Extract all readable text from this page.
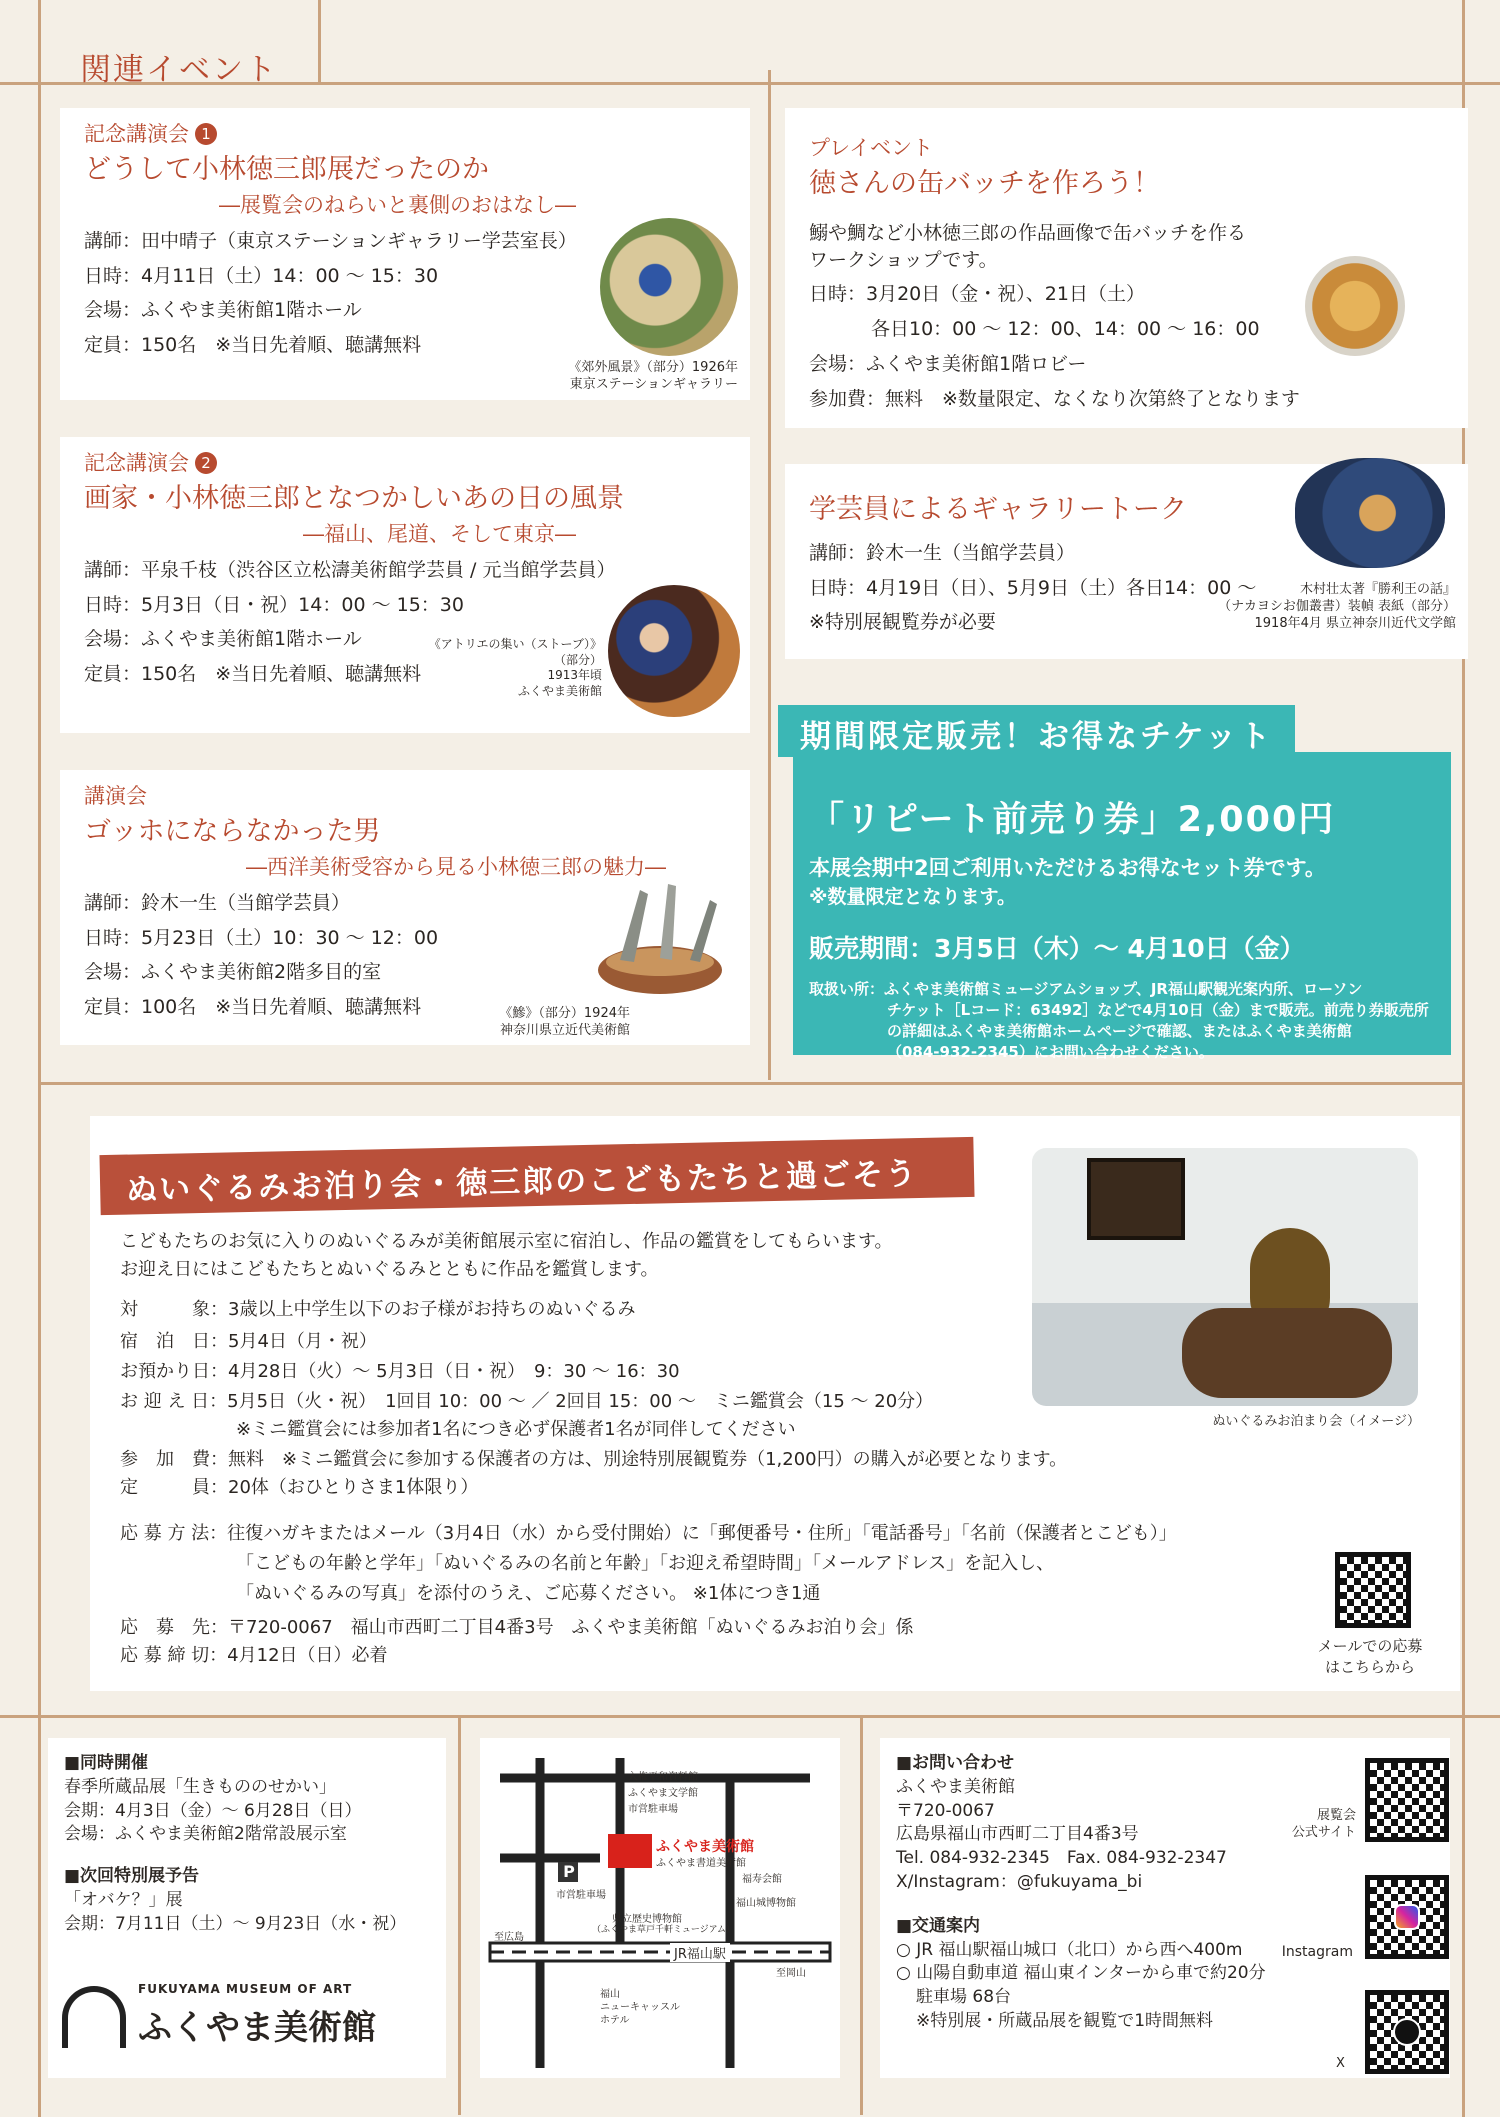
関連イベント
記念講演会 1
どうして小林徳三郎展だったのか
―展覧会のねらいと裏側のおはなし―
講師：田中晴子（東京ステーションギャラリー学芸室長）
日時：4月11日（土）14：00 ～ 15：30
会場：ふくやま美術館1階ホール
定員：150名　※当日先着順、聴講無料
《郊外風景》（部分）1926年
東京ステーションギャラリー
記念講演会 2
画家・小林徳三郎となつかしいあの日の風景
―福山、尾道、そして東京―
講師：平泉千枝（渋谷区立松濤美術館学芸員 / 元当館学芸員）
日時：5月3日（日・祝）14：00 ～ 15：30
会場：ふくやま美術館1階ホール
定員：150名　※当日先着順、聴講無料
《アトリエの集い（ストーブ）》
（部分）
1913年頃
ふくやま美術館
講演会
ゴッホにならなかった男
―西洋美術受容から見る小林徳三郎の魅力―
講師：鈴木一生（当館学芸員）
日時：5月23日（土）10：30 ～ 12：00
会場：ふくやま美術館2階多目的室
定員：100名　※当日先着順、聴講無料	《鰺》（部分）1924年
神奈川県立近代美術館
プレイベント
徳さんの缶バッチを作ろう！
鰯や鯛など小林徳三郎の作品画像で缶バッチを作る
ワークショップです。
日時：3月20日（金・祝）、21日（土）
各日10：00 ～ 12：00、14：00 ～ 16：00
会場：ふくやま美術館1階ロビー
参加費：無料　※数量限定、なくなり次第終了となります
学芸員によるギャラリートーク
講師：鈴木一生（当館学芸員）
日時：4月19日（日）、5月9日（土）各日14：00 ～
※特別展観覧券が必要
木村壮太著『勝利王の話』
（ナカヨシお伽叢書）装幀 表紙（部分）
1918年4月 県立神奈川近代文学館
「リピート前売り券」2,000円
本展会期中2回ご利用いただけるお得なセット券です。
※数量限定となります。
販売期間：3月5日（木）～ 4月10日（金）
取扱い所：ふくやま美術館ミュージアムショップ、JR福山駅観光案内所、ローソン
チケット［Lコード：63492］などで4月10日（金）まで販売。前売り券販売所
の詳細はふくやま美術館ホームページで確認、またはふくやま美術館
（084-932-2345）にお問い合わせください。
期間限定販売！お得なチケット
ぬいぐるみお泊り会・徳三郎のこどもたちと過ごそう
こどもたちのお気に入りのぬいぐるみが美術館展示室に宿泊し、作品の鑑賞をしてもらいます。
お迎え日にはこどもたちとぬいぐるみとともに作品を鑑賞します。
対　　　象：3歳以上中学生以下のお子様がお持ちのぬいぐるみ
宿　泊　日：5月4日（月・祝）
お預かり日：4月28日（火）～ 5月3日（日・祝）　9：30 ～ 16：30
お 迎 え 日：5月5日（火・祝）　1回目 10：00 ～ ／ 2回目 15：00 ～　ミニ鑑賞会（15 ～ 20分）
※ミニ鑑賞会には参加者1名につき必ず保護者1名が同伴してください
参　加　費：無料　※ミニ鑑賞会に参加する保護者の方は、別途特別展観覧券（1,200円）の購入が必要となります。
定　　　員：20体（おひとりさま1体限り）
応 募 方 法：往復ハガキまたはメール（3月4日（水）から受付開始）に「郵便番号・住所」「電話番号」「名前（保護者とこども）」
「こどもの年齢と学年」「ぬいぐるみの名前と年齢」「お迎え希望時間」「メールアドレス」を記入し、
「ぬいぐるみの写真」を添付のうえ、ご応募ください。 ※1体につき1通
応　募　先：〒720-0067　福山市西町二丁目4番3号　ふくやま美術館「ぬいぐるみお泊り会」係
応 募 締 切：4月12日（日）必着
ぬいぐるみお泊まり会（イメージ）
メールでの応募
はこちらから
■同時開催
春季所蔵品展「生きもののせかい」
会期：4月3日（金）～ 6月28日（日）
会場：ふくやま美術館2階常設展示室
■次回特別展予告
「オバケ？」展
会期：7月11日（土）～ 9月23日（水・祝）
FUKUYAMA MUSEUM OF ART
ふくやま美術館
P
入権平和資料館
ふくやま文学館
市営駐車場
ふくやま美術館
ふくやま書道美術館
福寿会館
市営駐車場
福山城博物館
県立歴史博物館
（ふくやま草戸千軒ミュージアム）
JR福山駅
至広島
至岡山
福山
ニューキャッスル
ホテル
■お問い合わせ
ふくやま美術館
〒720-0067
広島県福山市西町二丁目4番3号
Tel. 084-932-2345　Fax. 084-932-2347
X/Instagram：@fukuyama_bi
■交通案内
○ JR 福山駅福山城口（北口）から西へ400m
○ 山陽自動車道 福山東インターから車で約20分
駐車場 68台
※特別展・所蔵品展を観覧で1時間無料
展覧会
公式サイト
Instagram
X
